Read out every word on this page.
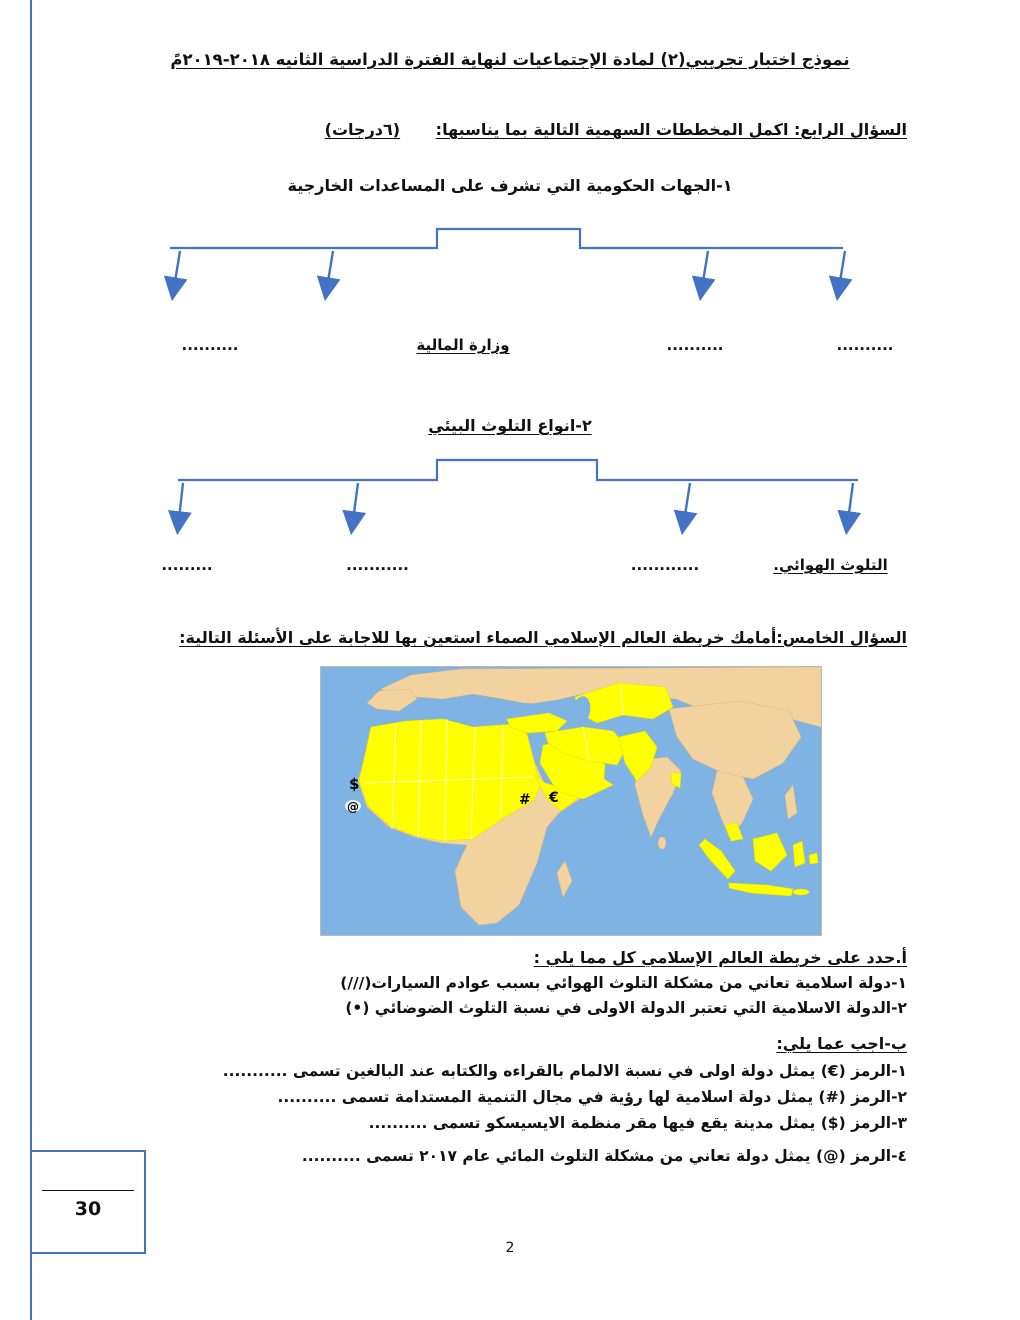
نموذج اختبار تجريبي(٢) لمادة الإجتماعيات لنهاية الفترة الدراسية الثانيه ٢٠١٨-٢٠١٩مً
السؤال الرابع: اكمل المخططات السهمية التالية بما يناسبها: (٦درجات)
١-الجهات الحكومية التي تشرف على المساعدات الخارجية
..........	وزارة المالية	..........	..........
٢-انواع التلوث البيئي
.........	...........	............	التلوث الهوائي.
السؤال الخامس:أمامك خريطة العالم الإسلامي الصماء استعين بها للاجابة على الأسئلة التالية:
$
@	# €
أ.حدد على خريطة العالم الإسلامي كل مما يلي :
١-دولة اسلامية تعاني من مشكلة التلوث الهوائي بسبب عوادم السيارات(///)
٢-الدولة الاسلامية التي تعتبر الدولة الاولى في نسبة التلوث الضوضائي (•)
ب-اجب عما يلي:
١-الرمز (€) يمثل دولة اولى في نسبة الالمام بالقراءه والكتابه عند البالغين تسمى ...........
٢-الرمز (#) يمثل دولة اسلامية لها رؤية في مجال التنمية المستدامة تسمى ..........
٣-الرمز ($) يمثل مدينة يقع فيها مقر منظمة الايسيسكو تسمى ..........
٤-الرمز (@) يمثل دولة تعاني من مشكلة التلوث المائي عام ٢٠١٧ تسمى ..........
30
2
